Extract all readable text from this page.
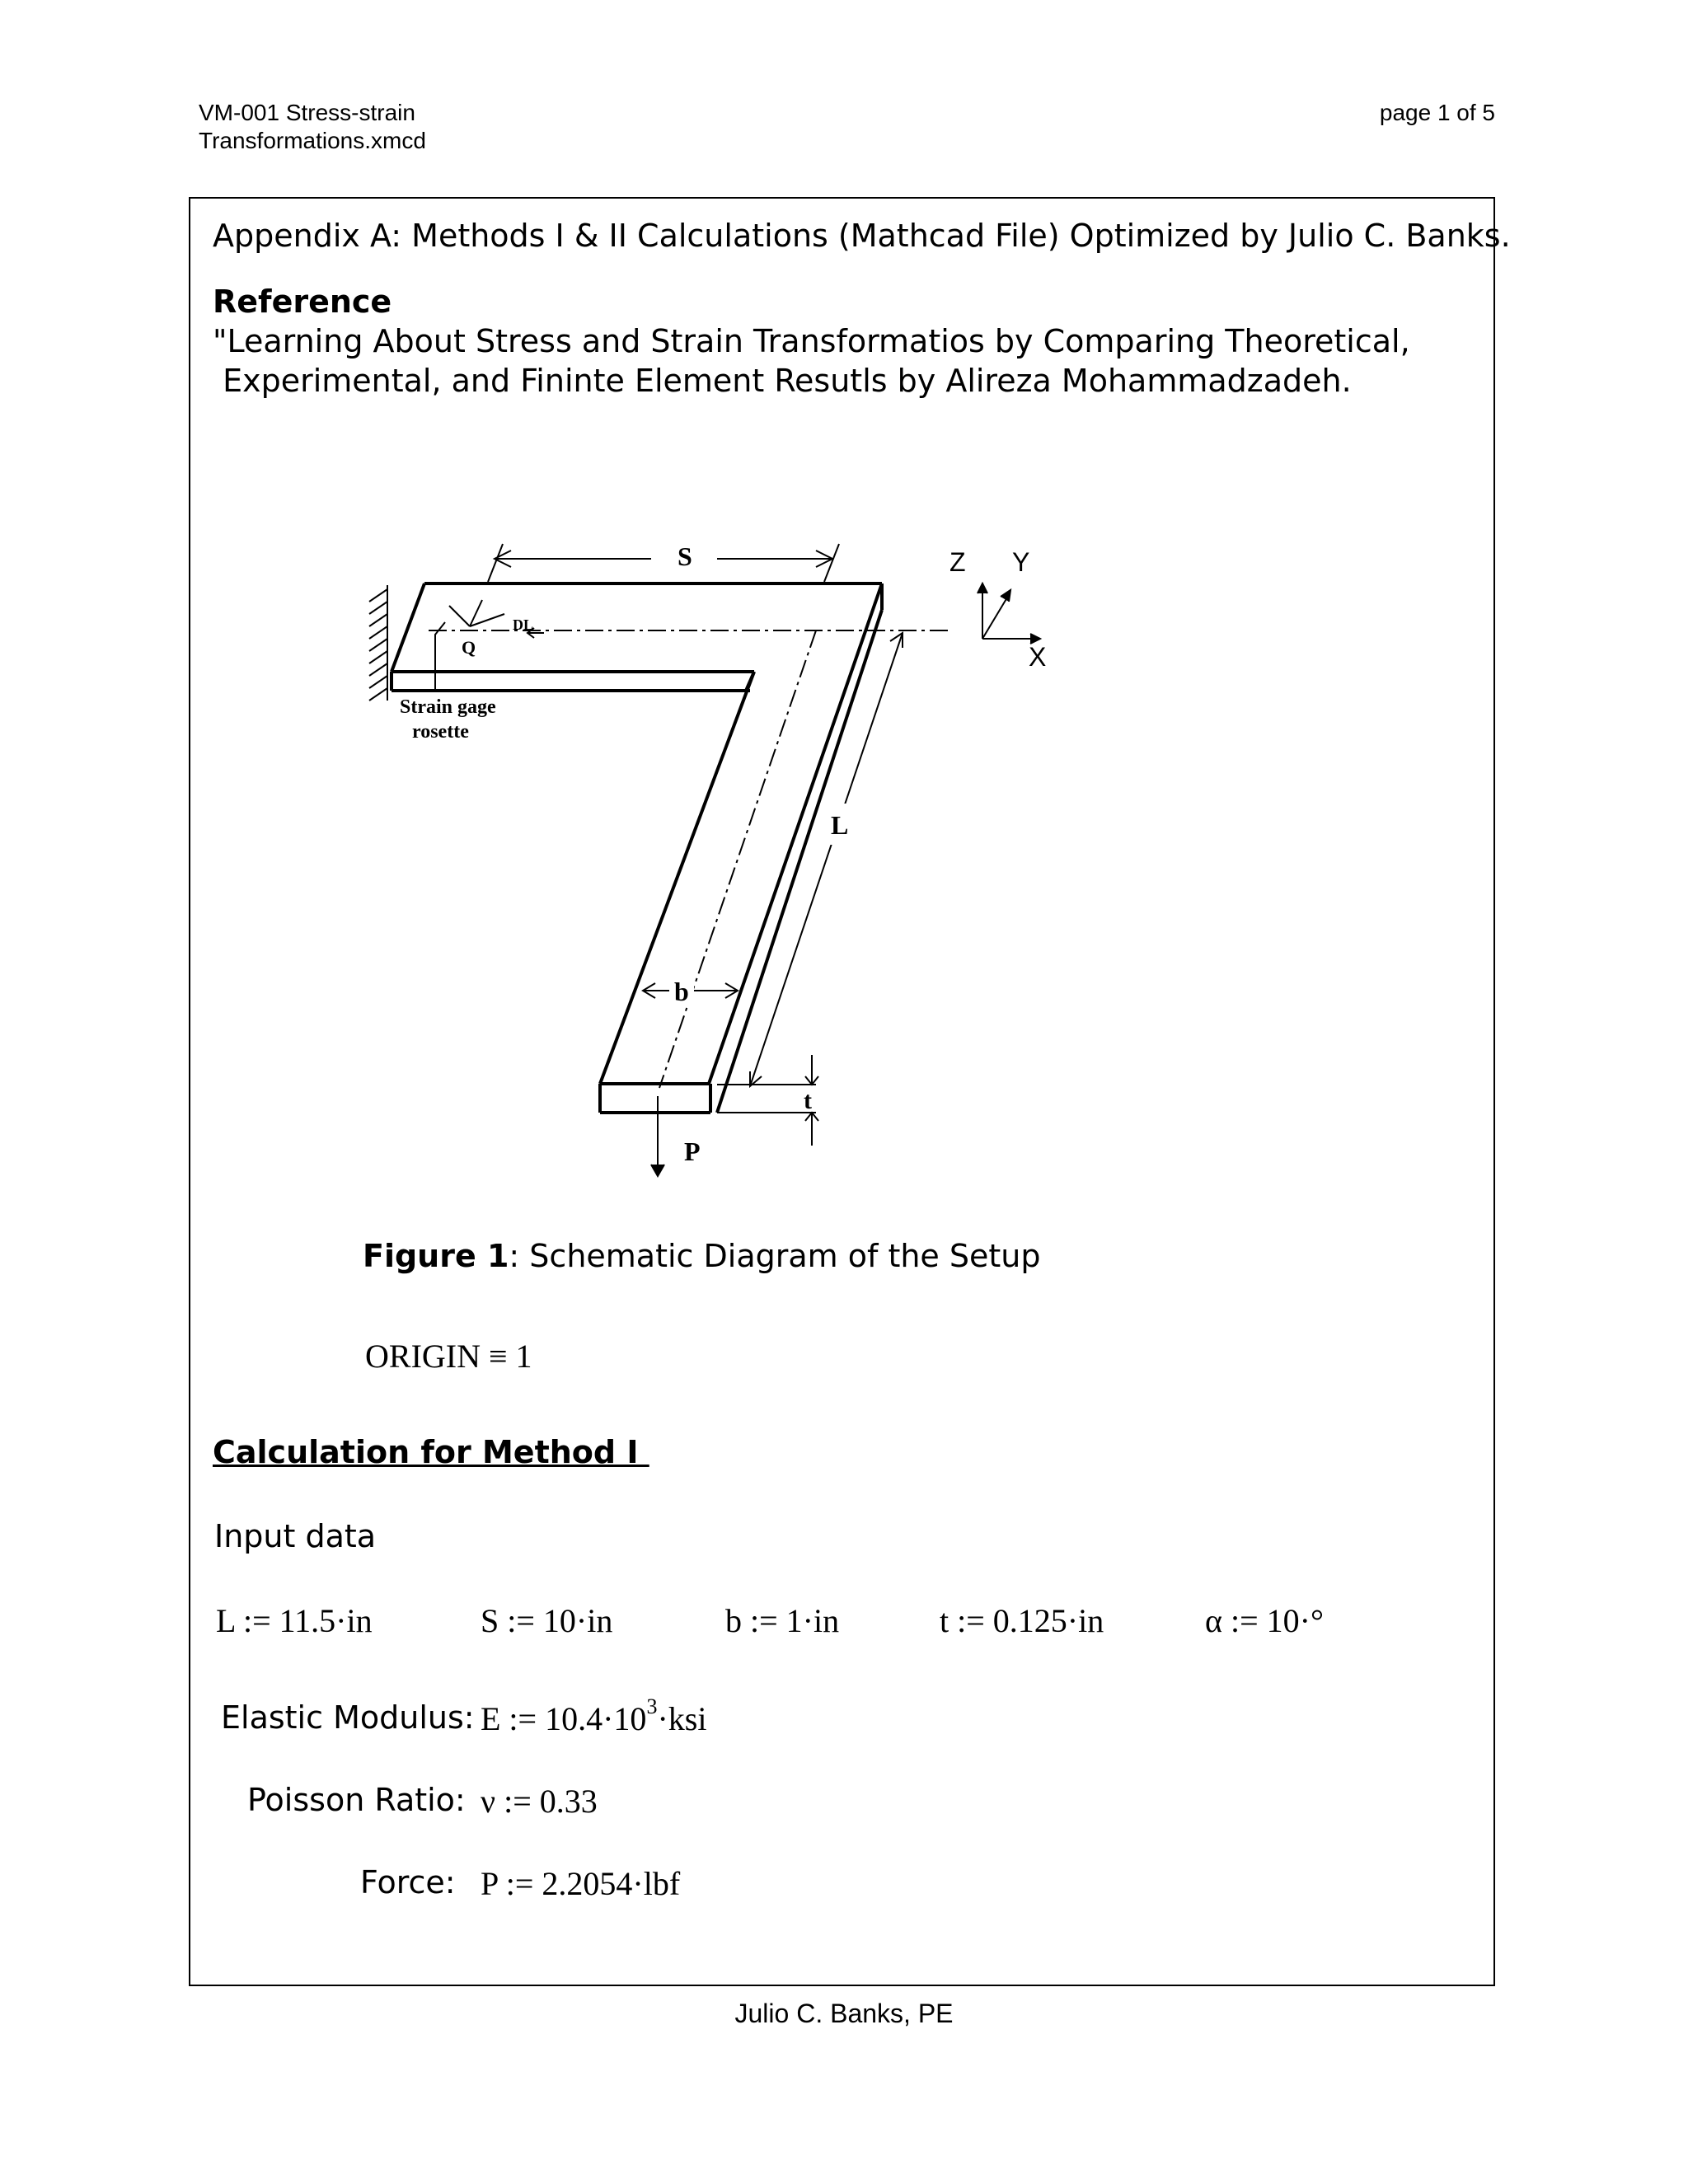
VM-001 Stress-strain
Transformations.xmcd
page 1 of 5
Appendix A: Methods I & II Calculations (Mathcad File) Optimized by Julio C. Banks.
Reference
"Learning About Stress and Strain Transformatios by Comparing Theoretical,
Experimental, and Fininte Element Resutls by Alireza Mohammadzadeh.
S
L
b
t
P
Q
DL
Strain gage
rosette
Z Y
X
Figure 1: Schematic Diagram of the Setup
ORIGIN ≡ 1
Calculation for Method I
Input data
L := 11.5·in	S := 10·in	b := 1·in	t := 0.125·in	α := 10·°
Elastic Modulus: E := $10.4\cdot 10^3\cdot ksi$
Poisson Ratio: ν := 0.33
Force: P := 2.2054·lbf
Julio C. Banks, PE
